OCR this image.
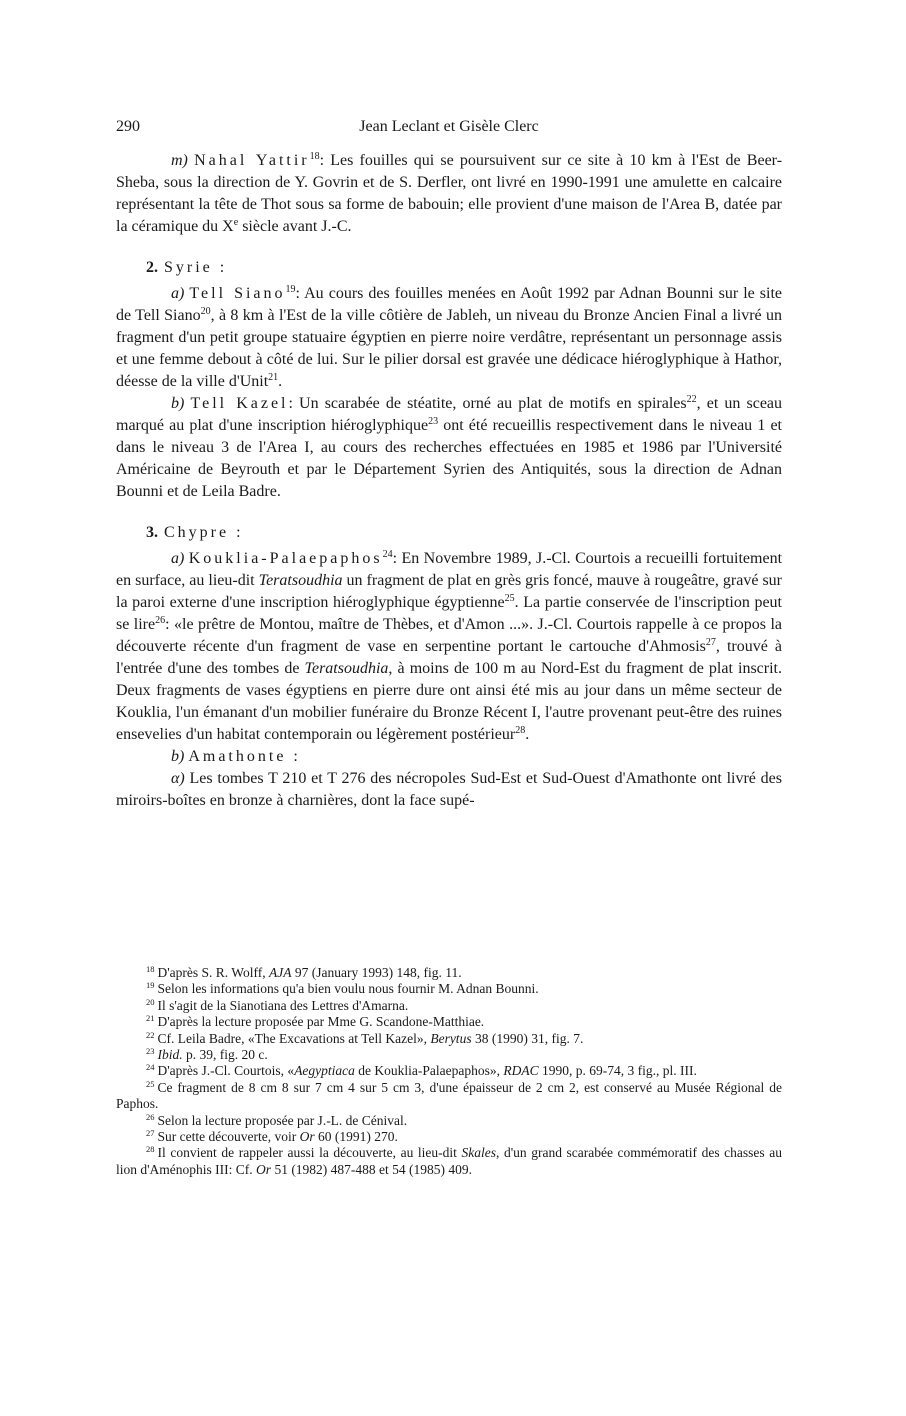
290	Jean Leclant et Gisèle Clerc

m) Nahal Yattir$^{18}$: Les fouilles qui se poursuivent sur ce site à 10 km à l'Est de Beer-Sheba, sous la direction de Y. Govrin et de S. Derfler, ont livré en 1990-1991 une amulette en calcaire représentant la tête de Thot sous sa forme de babouin; elle provient d'une maison de l'Area B, datée par la céramique du Xe siècle avant J.-C.

2. Syrie :

a) Tell Siano$^{19}$: Au cours des fouilles menées en Août 1992 par Adnan Bounni sur le site de Tell Siano$^{20}$, à 8 km à l'Est de la ville côtière de Jableh, un niveau du Bronze Ancien Final a livré un fragment d'un petit groupe statuaire égyptien en pierre noire verdâtre, représentant un personnage assis et une femme debout à côté de lui. Sur le pilier dorsal est gravée une dédicace hiéroglyphique à Hathor, déesse de la ville d'Unit$^{21}$.

b) Tell Kazel: Un scarabée de stéatite, orné au plat de motifs en spirales$^{22}$, et un sceau marqué au plat d'une inscription hiéroglyphique$^{23}$ ont été recueillis respectivement dans le niveau 1 et dans le niveau 3 de l'Area I, au cours des recherches effectuées en 1985 et 1986 par l'Université Américaine de Beyrouth et par le Département Syrien des Antiquités, sous la direction de Adnan Bounni et de Leila Badre.

3. Chypre :

a) Kouklia-Palaepaphos$^{24}$: En Novembre 1989, J.-Cl. Courtois a recueilli fortuitement en surface, au lieu-dit Teratsoudhia un fragment de plat en grès gris foncé, mauve à rougeâtre, gravé sur la paroi externe d'une inscription hiéroglyphique égyptienne$^{25}$. La partie conservée de l'inscription peut se lire$^{26}$: «le prêtre de Montou, maître de Thèbes, et d'Amon ...». J.-Cl. Courtois rappelle à ce propos la découverte récente d'un fragment de vase en serpentine portant le cartouche d'Ahmosis$^{27}$, trouvé à l'entrée d'une des tombes de Teratsoudhia, à moins de 100 m au Nord-Est du fragment de plat inscrit. Deux fragments de vases égyptiens en pierre dure ont ainsi été mis au jour dans un même secteur de Kouklia, l'un émanant d'un mobilier funéraire du Bronze Récent I, l'autre provenant peut-être des ruines ensevelies d'un habitat contemporain ou légèrement postérieur$^{28}$.

b) Amathonte :

α) Les tombes T 210 et T 276 des nécropoles Sud-Est et Sud-Ouest d'Amathonte ont livré des miroirs-boîtes en bronze à charnières, dont la face supé-

$^{18}$ D'après S. R. Wolff, AJA 97 (January 1993) 148, fig. 11.

$^{19}$ Selon les informations qu'a bien voulu nous fournir M. Adnan Bounni.

$^{20}$ Il s'agit de la Sianotiana des Lettres d'Amarna.

$^{21}$ D'après la lecture proposée par Mme G. Scandone-Matthiae.

$^{22}$ Cf. Leila Badre, «The Excavations at Tell Kazel», Berytus 38 (1990) 31, fig. 7.

$^{23}$ Ibid. p. 39, fig. 20 c.

$^{24}$ D'après J.-Cl. Courtois, «Aegyptiaca de Kouklia-Palaepaphos», RDAC 1990, p. 69-74, 3 fig., pl. III.

$^{25}$ Ce fragment de 8 cm 8 sur 7 cm 4 sur 5 cm 3, d'une épaisseur de 2 cm 2, est conservé au Musée Régional de Paphos.

$^{26}$ Selon la lecture proposée par J.-L. de Cénival.

$^{27}$ Sur cette découverte, voir Or 60 (1991) 270.

$^{28}$ Il convient de rappeler aussi la découverte, au lieu-dit Skales, d'un grand scarabée commémoratif des chasses au lion d'Aménophis III: Cf. Or 51 (1982) 487-488 et 54 (1985) 409.
